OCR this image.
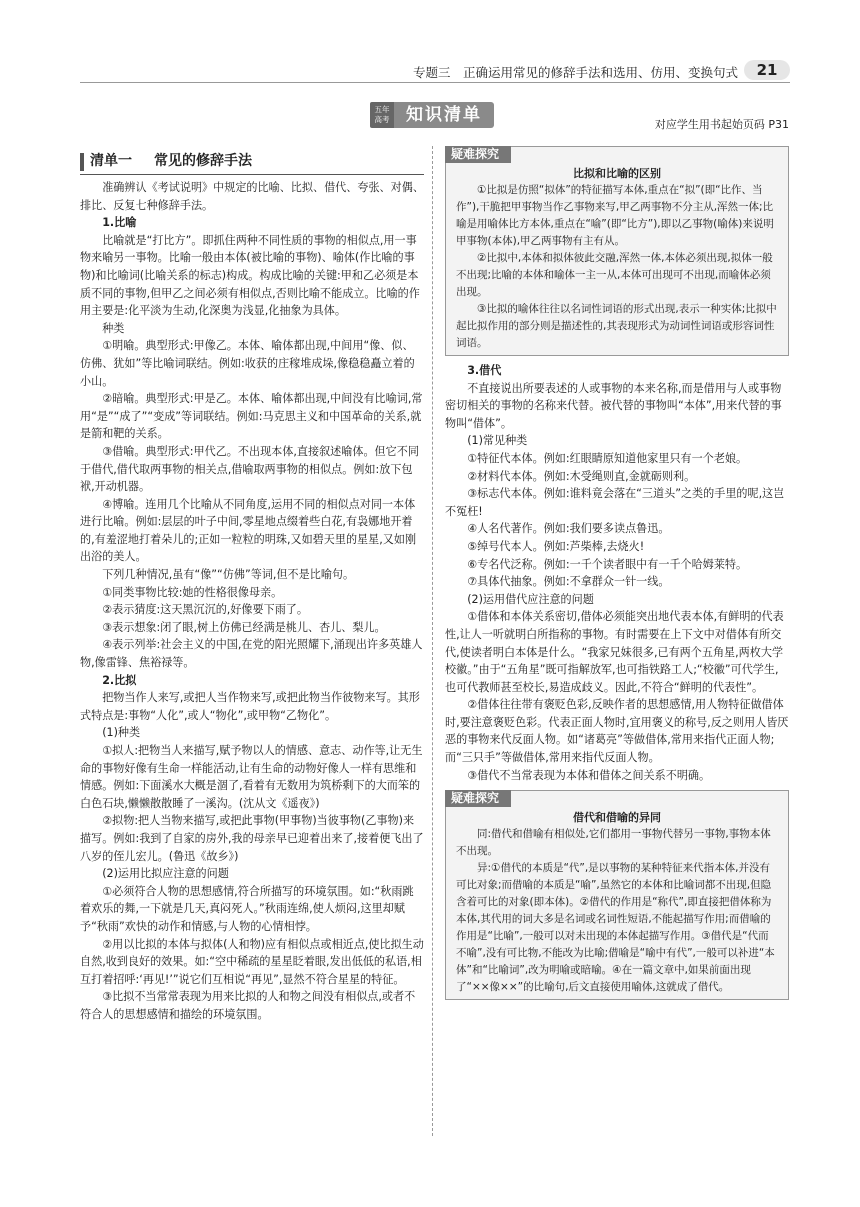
专题三　正确运用常见的修辞手法和选用、仿用、变换句式	21
五年
高考 知识清单	对应学生用书起始页码 P31
清单一	常见的修辞手法

准确辨认《考试说明》中规定的比喻、比拟、借代、夸张、对偶、排比、反复七种修辞手法。

1.比喻

比喻就是“打比方”。即抓住两种不同性质的事物的相似点,用一事物来喻另一事物。比喻一般由本体(被比喻的事物)、喻体(作比喻的事物)和比喻词(比喻关系的标志)构成。构成比喻的关键:甲和乙必须是本质不同的事物,但甲乙之间必须有相似点,否则比喻不能成立。比喻的作用主要是:化平淡为生动,化深奥为浅显,化抽象为具体。

种类

①明喻。典型形式:甲像乙。本体、喻体都出现,中间用“像、似、仿佛、犹如”等比喻词联结。例如:收获的庄稼堆成垛,像稳稳矗立着的小山。

②暗喻。典型形式:甲是乙。本体、喻体都出现,中间没有比喻词,常用“是”“成了”“变成”等词联结。例如:马克思主义和中国革命的关系,就是箭和靶的关系。

③借喻。典型形式:甲代乙。不出现本体,直接叙述喻体。但它不同于借代,借代取两事物的相关点,借喻取两事物的相似点。例如:放下包袱,开动机器。

④博喻。连用几个比喻从不同角度,运用不同的相似点对同一本体进行比喻。例如:层层的叶子中间,零星地点缀着些白花,有袅娜地开着的,有羞涩地打着朵儿的;正如一粒粒的明珠,又如碧天里的星星,又如刚出浴的美人。

下列几种情况,虽有“像”“仿佛”等词,但不是比喻句。

①同类事物比较:她的性格很像母亲。

②表示猜度:这天黑沉沉的,好像要下雨了。

③表示想象:闭了眼,树上仿佛已经满是桃儿、杏儿、梨儿。

④表示列举:社会主义的中国,在党的阳光照耀下,涌现出许多英雄人物,像雷锋、焦裕禄等。

2.比拟

把物当作人来写,或把人当作物来写,或把此物当作彼物来写。其形式特点是:事物“人化”,或人“物化”,或甲物“乙物化”。

(1)种类

①拟人:把物当人来描写,赋予物以人的情感、意志、动作等,让无生命的事物好像有生命一样能活动,让有生命的动物好像人一样有思维和情感。例如:下面溪水大概是涸了,看着有无数用为筑桥剩下的大而笨的白色石块,懒懒散散睡了一溪沟。(沈从文《遥夜》)

②拟物:把人当物来描写,或把此事物(甲事物)当彼事物(乙事物)来描写。例如:我到了自家的房外,我的母亲早已迎着出来了,接着便飞出了八岁的侄儿宏儿。(鲁迅《故乡》)

(2)运用比拟应注意的问题

①必须符合人物的思想感情,符合所描写的环境氛围。如:“秋雨跳着欢乐的舞,一下就是几天,真闷死人。”秋雨连绵,使人烦闷,这里却赋予“秋雨”欢快的动作和情感,与人物的心情相悖。

②用以比拟的本体与拟体(人和物)应有相似点或相近点,使比拟生动自然,收到良好的效果。如:“空中稀疏的星星眨着眼,发出低低的私语,相互打着招呼:‘再见!’”说它们互相说“再见”,显然不符合星星的特征。

③比拟不当常常表现为用来比拟的人和物之间没有相似点,或者不符合人的思想感情和描绘的环境氛围。

疑难探究
比拟和比喻的区别

①比拟是仿照“拟体”的特征描写本体,重点在“拟”(即“比作、当作”),干脆把甲事物当作乙事物来写,甲乙两事物不分主从,浑然一体;比喻是用喻体比方本体,重点在“喻”(即“比方”),即以乙事物(喻体)来说明甲事物(本体),甲乙两事物有主有从。

②比拟中,本体和拟体彼此交融,浑然一体,本体必须出现,拟体一般不出现;比喻的本体和喻体一主一从,本体可出现可不出现,而喻体必须出现。

③比拟的喻体往往以名词性词语的形式出现,表示一种实体;比拟中起比拟作用的部分则是描述性的,其表现形式为动词性词语或形容词性词语。

3.借代

不直接说出所要表述的人或事物的本来名称,而是借用与人或事物密切相关的事物的名称来代替。被代替的事物叫“本体”,用来代替的事物叫“借体”。

(1)常见种类

①特征代本体。例如:红眼睛原知道他家里只有一个老娘。

②材料代本体。例如:木受绳则直,金就砺则利。

③标志代本体。例如:谁料竟会落在“三道头”之类的手里的呢,这岂不冤枉!

④人名代著作。例如:我们要多读点鲁迅。

⑤绰号代本人。例如:芦柴棒,去烧火!

⑥专名代泛称。例如:一千个读者眼中有一千个哈姆莱特。

⑦具体代抽象。例如:不拿群众一针一线。

(2)运用借代应注意的问题

①借体和本体关系密切,借体必须能突出地代表本体,有鲜明的代表性,让人一听就明白所指称的事物。有时需要在上下文中对借体有所交代,使读者明白本体是什么。“我家兄妹很多,已有两个五角星,两枚大学校徽。”由于“五角星”既可指解放军,也可指铁路工人;“校徽”可代学生,也可代教师甚至校长,易造成歧义。因此,不符合“鲜明的代表性”。

②借体往往带有褒贬色彩,反映作者的思想感情,用人物特征做借体时,要注意褒贬色彩。代表正面人物时,宜用褒义的称号,反之则用人皆厌恶的事物来代反面人物。如“诸葛亮”等做借体,常用来指代正面人物;而“三只手”等做借体,常用来指代反面人物。

③借代不当常表现为本体和借体之间关系不明确。

疑难探究
借代和借喻的异同

同:借代和借喻有相似处,它们都用一事物代替另一事物,事物本体不出现。

异:①借代的本质是“代”,是以事物的某种特征来代指本体,并没有可比对象;而借喻的本质是“喻”,虽然它的本体和比喻词都不出现,但隐含着可比的对象(即本体)。②借代的作用是“称代”,即直接把借体称为本体,其代用的词大多是名词或名词性短语,不能起描写作用;而借喻的作用是“比喻”,一般可以对未出现的本体起描写作用。③借代是“代而不喻”,没有可比物,不能改为比喻;借喻是“喻中有代”,一般可以补进“本体”和“比喻词”,改为明喻或暗喻。④在一篇文章中,如果前面出现了“××像××”的比喻句,后文直接使用喻体,这就成了借代。
